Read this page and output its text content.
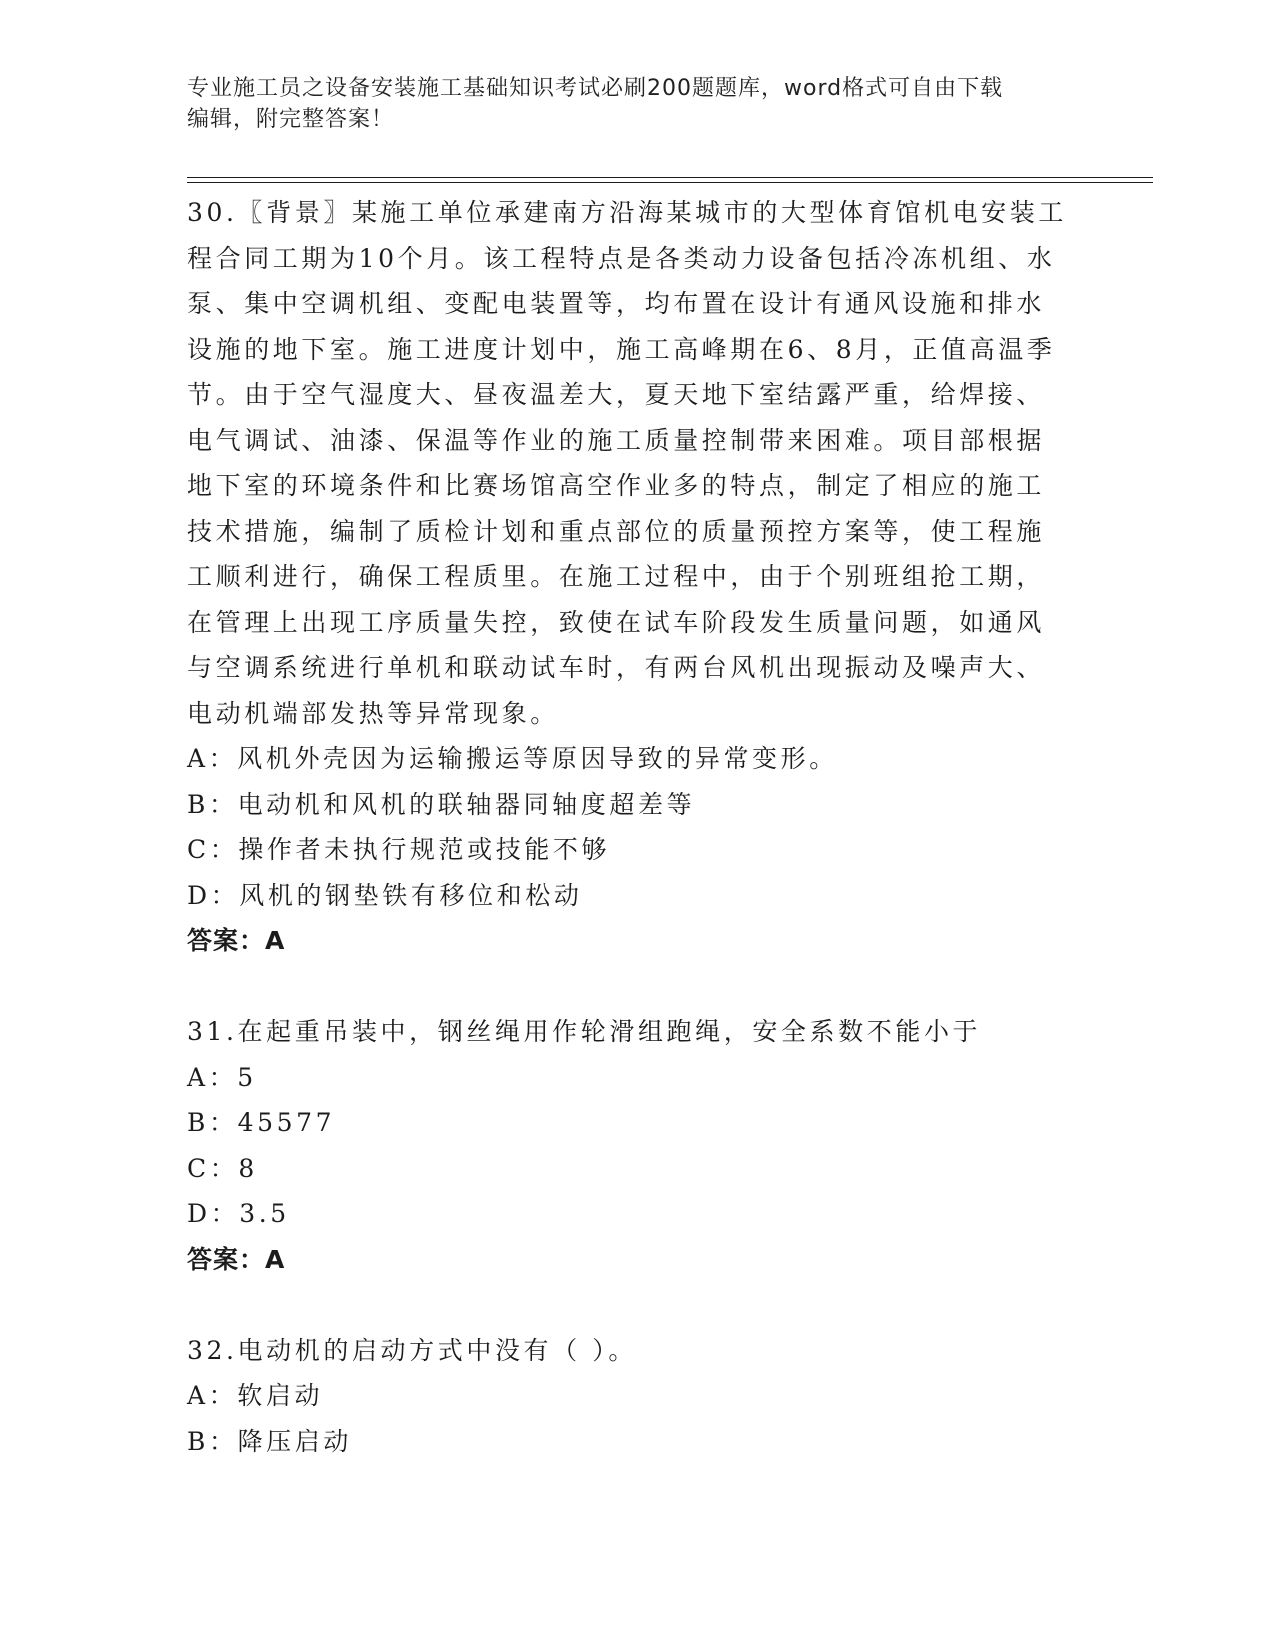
专业施工员之设备安装施工基础知识考试必刷200题题库，word格式可自由下载
编辑，附完整答案！
30.〖背景〗某施工单位承建南方沿海某城市的大型体育馆机电安装工
程合同工期为10个月。该工程特点是各类动力设备包括冷冻机组、水
泵、集中空调机组、变配电装置等，均布置在设计有通风设施和排水
设施的地下室。施工进度计划中，施工高峰期在6、8月，正值高温季
节。由于空气湿度大、昼夜温差大，夏天地下室结露严重，给焊接、
电气调试、油漆、保温等作业的施工质量控制带来困难。项目部根据
地下室的环境条件和比赛场馆高空作业多的特点，制定了相应的施工
技术措施，编制了质检计划和重点部位的质量预控方案等，使工程施
工顺利进行，确保工程质里。在施工过程中，由于个别班组抢工期，
在管理上出现工序质量失控，致使在试车阶段发生质量问题，如通风
与空调系统进行单机和联动试车时，有两台风机出现振动及噪声大、
电动机端部发热等异常现象。
A：风机外壳因为运输搬运等原因导致的异常变形。
B：电动机和风机的联轴器同轴度超差等
C：操作者未执行规范或技能不够
D：风机的钢垫铁有移位和松动
答案：A
31.在起重吊装中，钢丝绳用作轮滑组跑绳，安全系数不能小于
A：5
B：45577
C：8
D：3.5
答案：A
32.电动机的启动方式中没有（ ）。
A：软启动
B：降压启动
